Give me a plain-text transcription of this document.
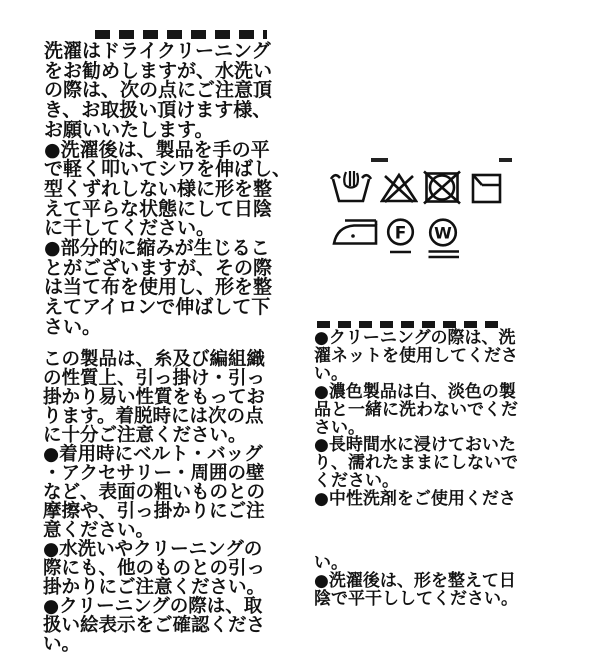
洗濯はドライクリーニング
をお勧めしますが、水洗い
の際は、次の点にご注意頂
き、お取扱い頂けます様、
お願いいたします。
●洗濯後は、製品を手の平
で軽く叩いてシワを伸ばし、
型くずれしない様に形を整
えて平らな状態にして日陰
に干してください。
●部分的に縮みが生じるこ
とがございますが、その際
は当て布を使用し、形を整
えてアイロンで伸ばして下
さい。
この製品は、糸及び編組織
の性質上、引っ掛け・引っ
掛かり易い性質をもってお
ります。着脱時には次の点
に十分ご注意ください。
●着用時にベルト・バッグ
・アクセサリー・周囲の壁
など、表面の粗いものとの
摩擦や、引っ掛かりにご注
意ください。
●水洗いやクリーニングの
際にも、他のものとの引っ
掛かりにご注意ください。
●クリーニングの際は、取
扱い絵表示をご確認くださ
い。
F W
●クリーニングの際は、洗
濯ネットを使用してくださ
い。
●濃色製品は白、淡色の製
品と一緒に洗わないでくだ
さい。
●長時間水に浸けておいた
り、濡れたままにしないで
ください。
●中性洗剤をご使用くださ
い。
●洗濯後は、形を整えて日
陰で平干ししてください。
